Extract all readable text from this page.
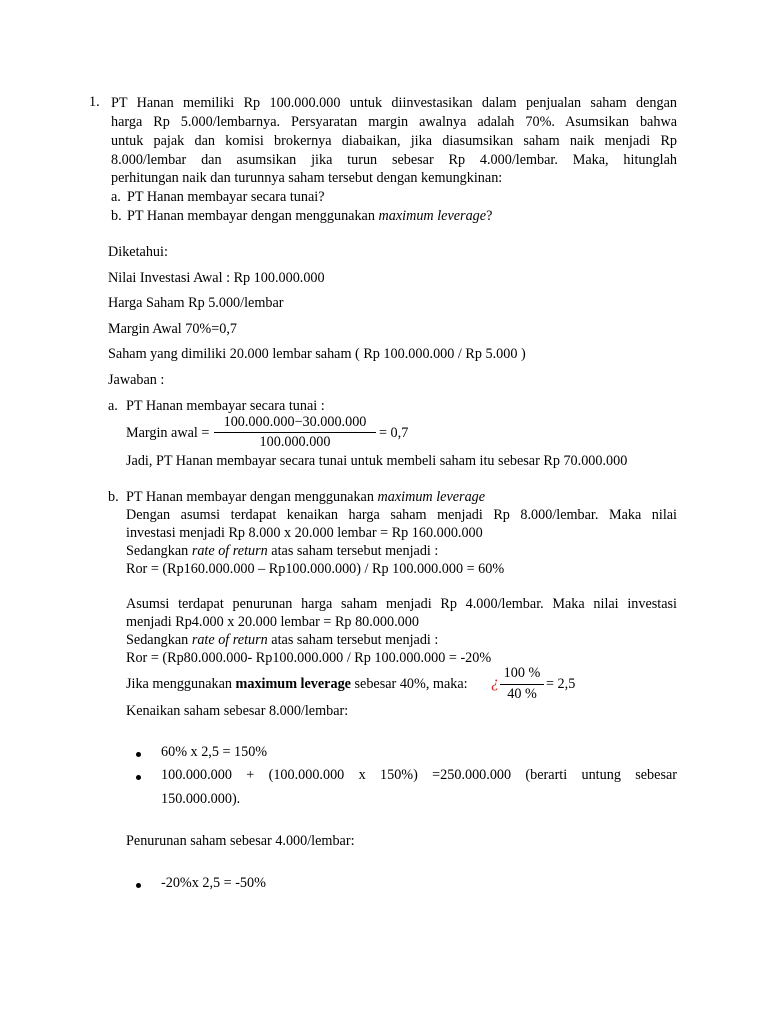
1. PT Hanan memiliki Rp 100.000.000 untuk diinvestasikan dalam penjualan saham dengan
harga Rp 5.000/lembarnya. Persyaratan margin awalnya adalah 70%. Asumsikan bahwa
untuk pajak dan komisi brokernya diabaikan, jika diasumsikan saham naik menjadi Rp
8.000/lembar dan asumsikan jika turun sebesar Rp 4.000/lembar. Maka, hitunglah
perhitungan naik dan turunnya saham tersebut dengan kemungkinan:
a. PT Hanan membayar secara tunai?
b. PT Hanan membayar dengan menggunakan maximum leverage?
Diketahui:
Nilai Investasi Awal : Rp 100.000.000
Harga Saham Rp 5.000/lembar
Margin Awal 70%=0,7
Saham yang dimiliki 20.000 lembar saham ( Rp 100.000.000 / Rp 5.000 )
Jawaban :
a. PT Hanan membayar secara tunai :
Margin awal =
100.000.000−30.000.000
100.000.000
= 0,7
Jadi, PT Hanan membayar secara tunai untuk membeli saham itu sebesar Rp 70.000.000
b. PT Hanan membayar dengan menggunakan maximum leverage
Dengan asumsi terdapat kenaikan harga saham menjadi Rp 8.000/lembar. Maka nilai
investasi menjadi Rp 8.000 x 20.000 lembar = Rp 160.000.000
Sedangkan rate of return atas saham tersebut menjadi :
Ror = (Rp160.000.000 – Rp100.000.000) / Rp 100.000.000 = 60%
Asumsi terdapat penurunan harga saham menjadi Rp 4.000/lembar. Maka nilai investasi
menjadi Rp4.000 x 20.000 lembar = Rp 80.000.000
Sedangkan rate of return atas saham tersebut menjadi :
Ror = (Rp80.000.000- Rp100.000.000 / Rp 100.000.000 = -20%
Jika menggunakan maximum leverage sebesar 40%, maka: ¿
100 %
40 %
= 2,5
Kenaikan saham sebesar 8.000/lembar:
60% x 2,5 = 150%
100.000.000 + (100.000.000 x 150%) =250.000.000 (berarti untung sebesar
150.000.000).
Penurunan saham sebesar 4.000/lembar:
-20%x 2,5 = -50%
